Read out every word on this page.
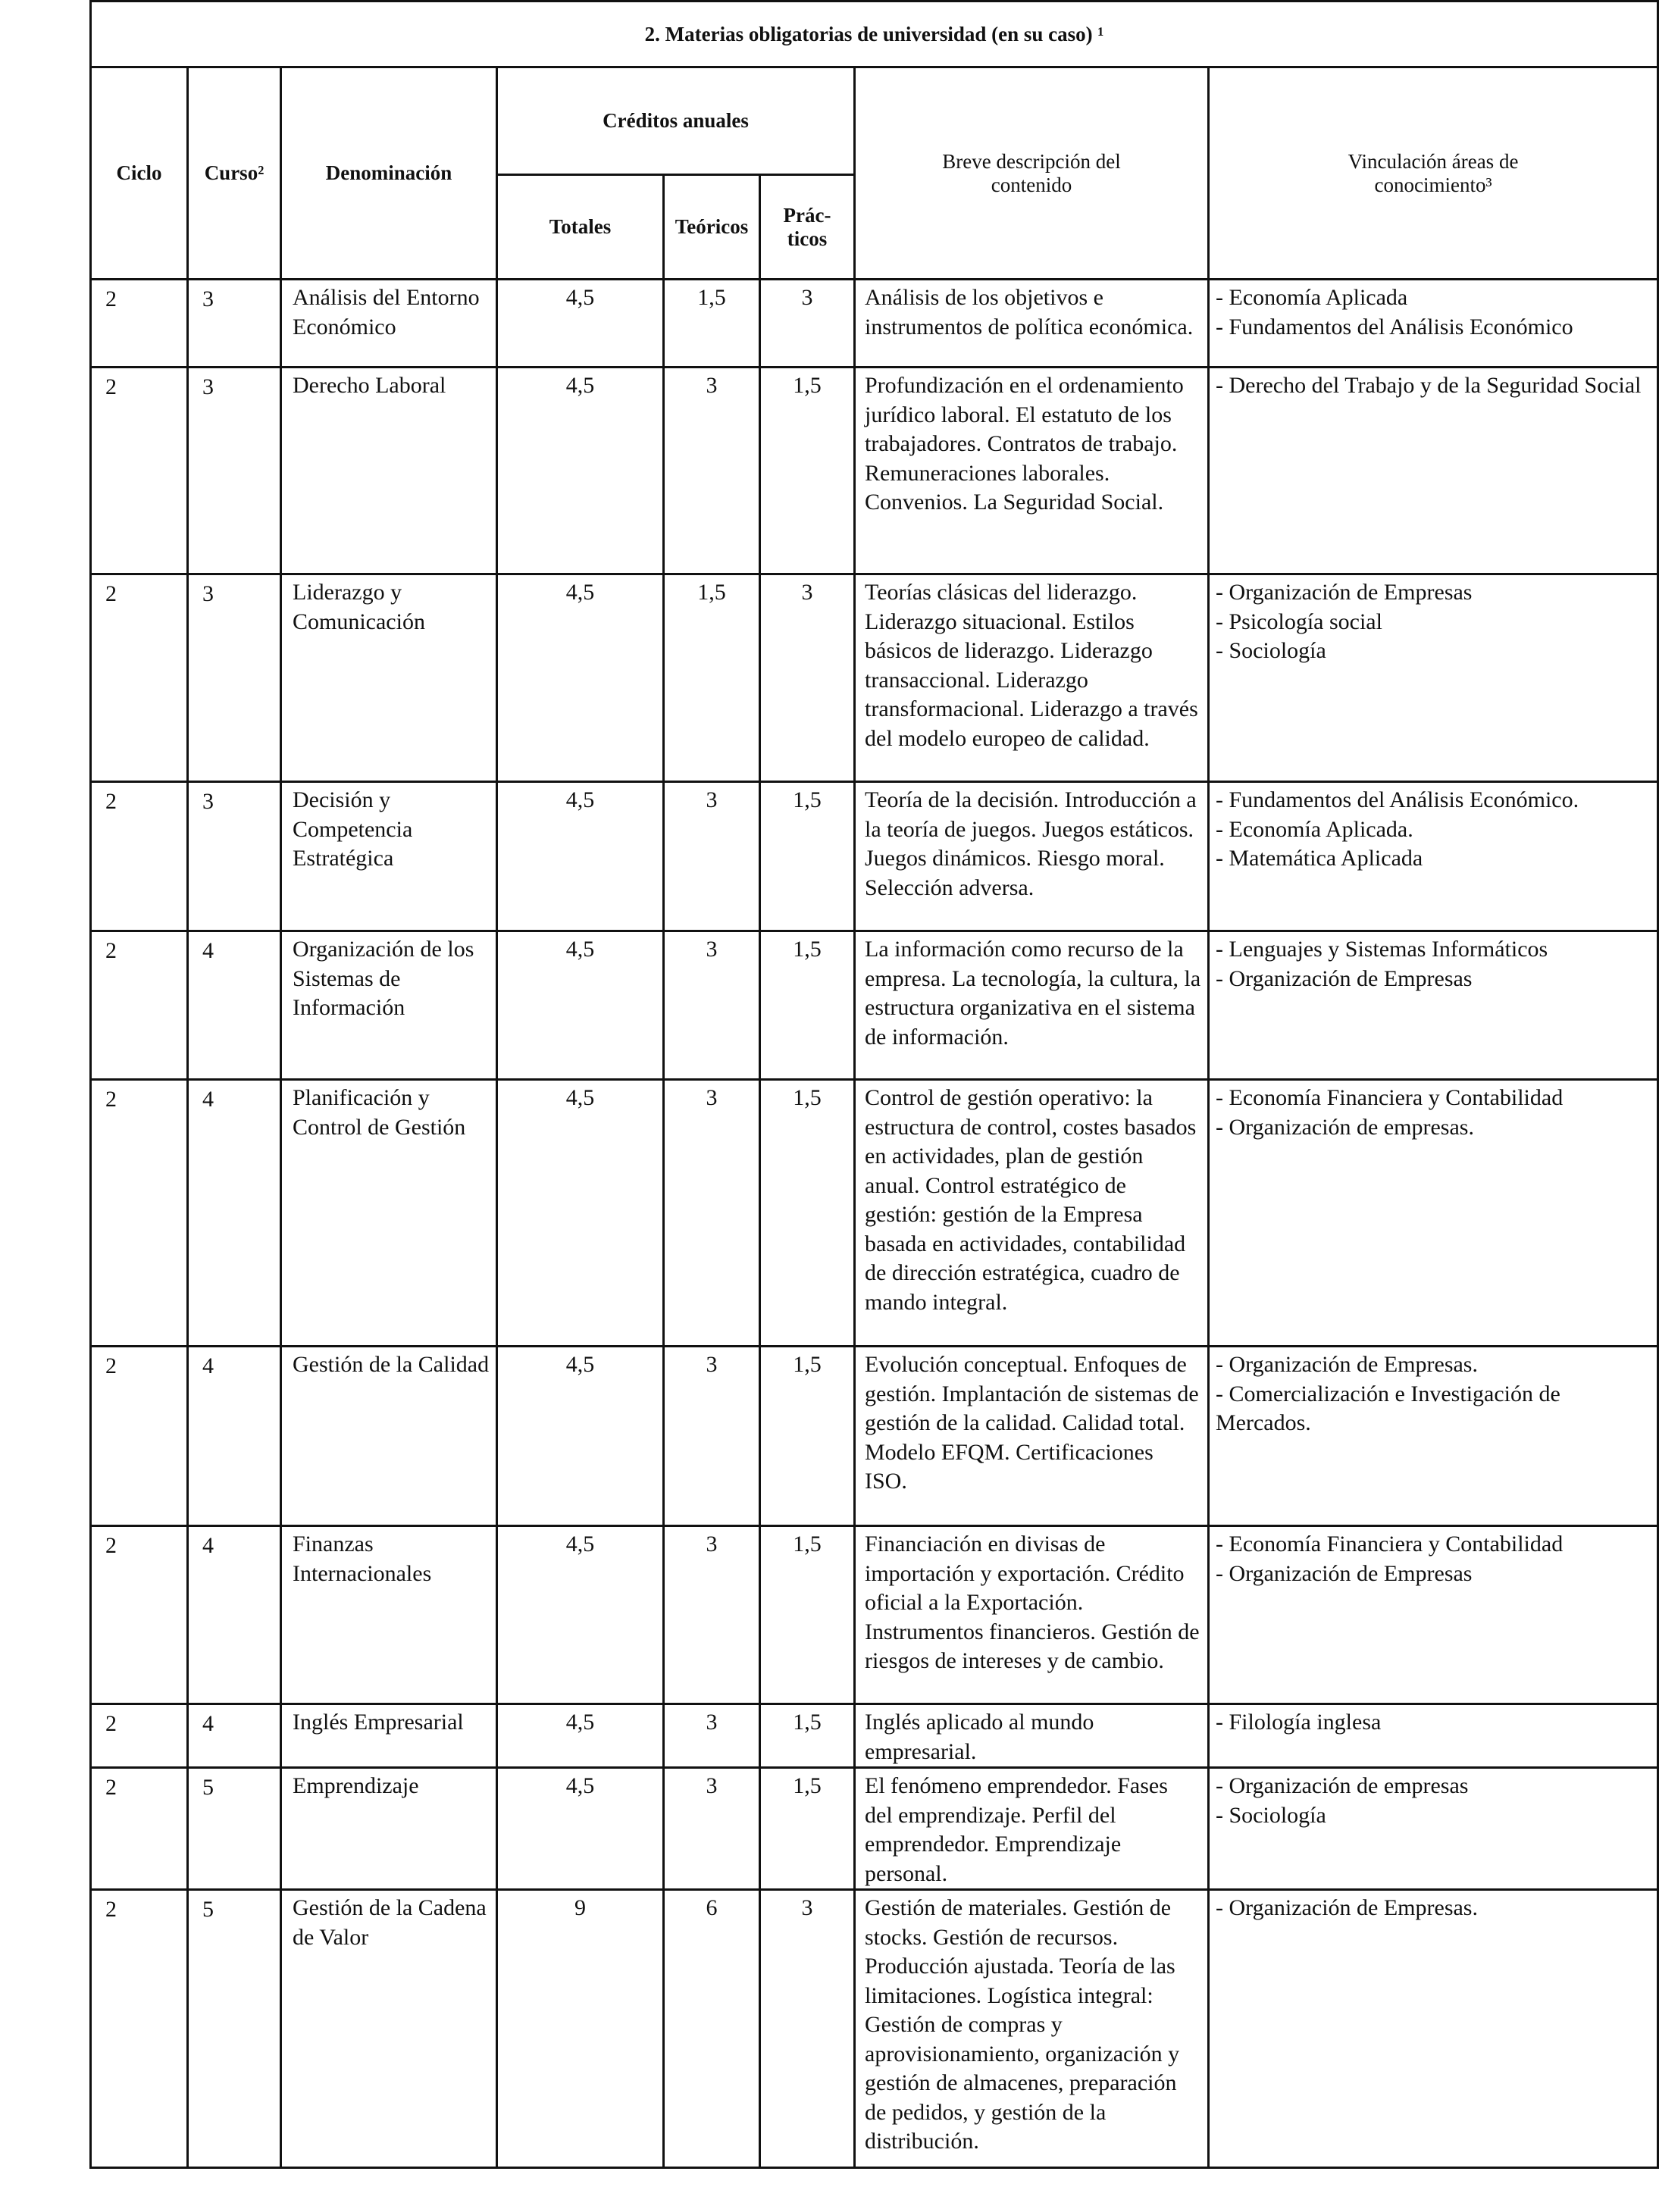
2. Materias obligatorias de universidad (en su caso) ¹							
Ciclo	Curso²	Denominación	Créditos anuales			Breve descripción del contenido	Vinculación áreas de conocimiento³
			Totales	Teóricos	Prác-ticos		
2	3	Análisis del Entorno Económico	4,5	1,5	3	Análisis de los objetivos e instrumentos de política económica.	- Economía Aplicada
- Fundamentos del Análisis Económico

2	3	Derecho Laboral	4,5	3	1,5	Profundización en el ordenamiento jurídico laboral. El estatuto de los trabajadores. Contratos de trabajo. Remuneraciones laborales. Convenios. La Seguridad Social.	- Derecho del Trabajo y de la Seguridad Social

2	3	Liderazgo y Comunicación	4,5	1,5	3	Teorías clásicas del liderazgo. Liderazgo situacional. Estilos básicos de liderazgo. Liderazgo transaccional. Liderazgo transformacional. Liderazgo a través del modelo europeo de calidad.	- Organización de Empresas
- Psicología social
- Sociología

2	3	Decisión y Competencia Estratégica	4,5	3	1,5	Teoría de la decisión. Introducción a la teoría de juegos. Juegos estáticos. Juegos dinámicos. Riesgo moral. Selección adversa.	- Fundamentos del Análisis Económico.
- Economía Aplicada.
- Matemática Aplicada

2	4	Organización de los Sistemas de Información	4,5	3	1,5	La información como recurso de la empresa. La tecnología, la cultura, la estructura organizativa en el sistema de información.	- Lenguajes y Sistemas Informáticos
- Organización de Empresas

2	4	Planificación y Control de Gestión	4,5	3	1,5	Control de gestión operativo: la estructura de control, costes basados en actividades, plan de gestión anual. Control estratégico de gestión: gestión de la Empresa basada en actividades, contabilidad de dirección estratégica, cuadro de mando integral.	- Economía Financiera y Contabilidad
- Organización de empresas.

2	4	Gestión de la Calidad	4,5	3	1,5	Evolución conceptual. Enfoques de gestión. Implantación de sistemas de gestión de la calidad. Calidad total. Modelo EFQM. Certificaciones ISO.	- Organización de Empresas.
- Comercialización e Investigación de Mercados.

2	4	Finanzas Internacionales	4,5	3	1,5	Financiación en divisas de importación y exportación. Crédito oficial a la Exportación. Instrumentos financieros. Gestión de riesgos de intereses y de cambio.	- Economía Financiera y Contabilidad
- Organización de Empresas

2	4	Inglés Empresarial	4,5	3	1,5	Inglés aplicado al mundo empresarial.	- Filología inglesa

2	5	Emprendizaje	4,5	3	1,5	El fenómeno emprendedor. Fases del emprendizaje. Perfil del emprendedor. Emprendizaje personal.	- Organización de empresas
- Sociología

2	5	Gestión de la Cadena de Valor	9	6	3	Gestión de materiales. Gestión de stocks. Gestión de recursos. Producción ajustada. Teoría de las limitaciones. Logística integral: Gestión de compras y aprovisionamiento, organización y gestión de almacenes, preparación de pedidos, y gestión de la distribución.	- Organización de Empresas.
